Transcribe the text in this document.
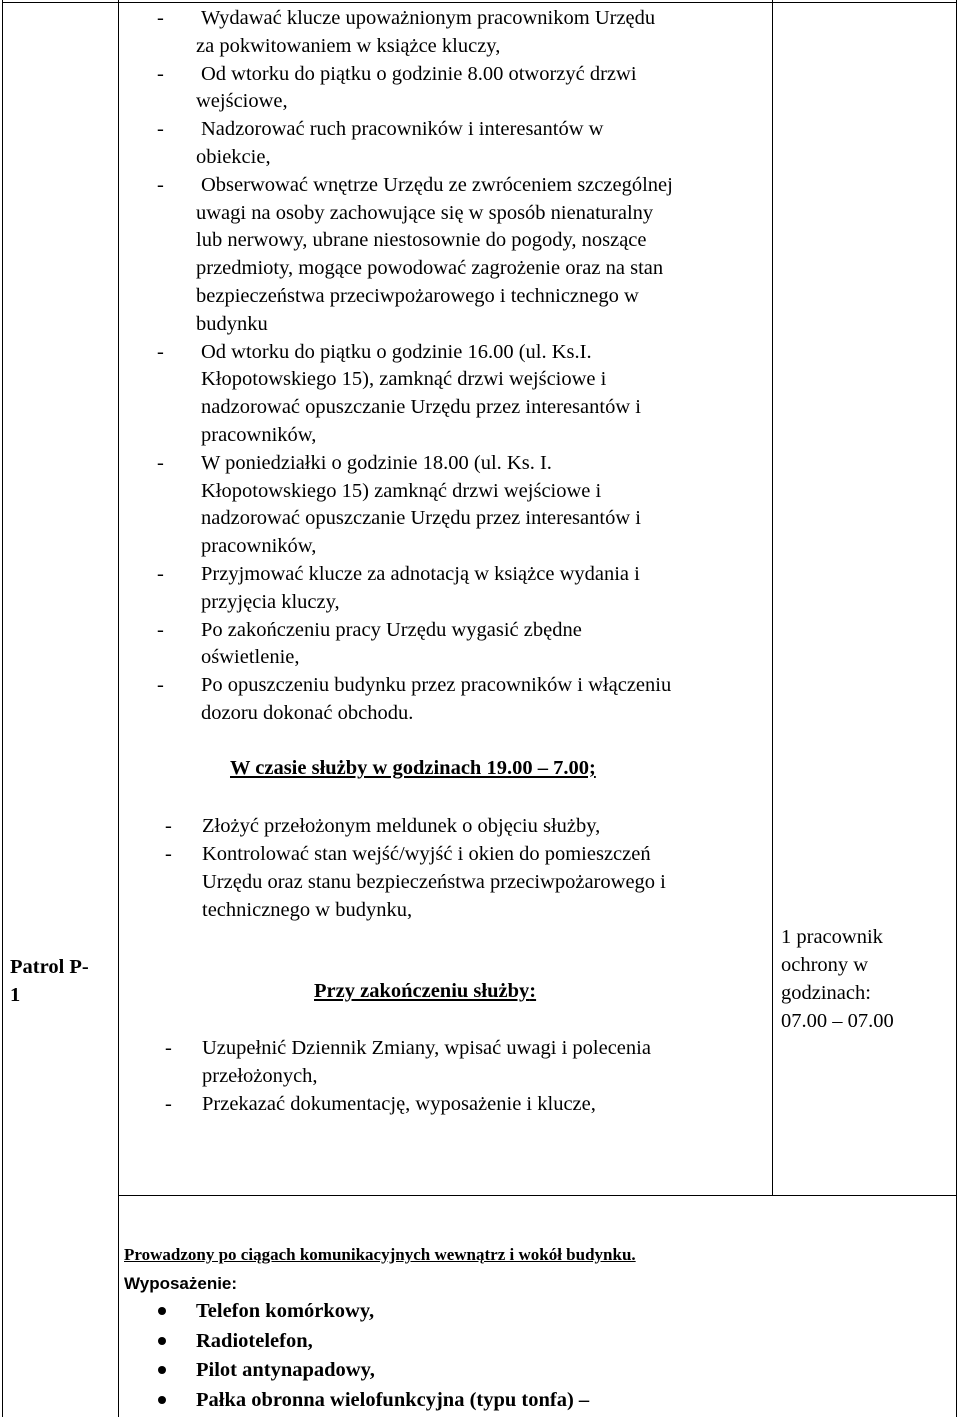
- Wydawać klucze upoważnionym pracownikom Urzędu
za pokwitowaniem w książce kluczy,
- Od wtorku do piątku o godzinie 8.00 otworzyć drzwi
wejściowe,
- Nadzorować ruch pracowników i interesantów w
obiekcie,
- Obserwować wnętrze Urzędu ze zwróceniem szczególnej
uwagi na osoby zachowujące się w sposób nienaturalny
lub nerwowy, ubrane niestosownie do pogody, noszące
przedmioty, mogące powodować zagrożenie oraz na stan
bezpieczeństwa przeciwpożarowego i technicznego w
budynku
- Od wtorku do piątku o godzinie 16.00 (ul. Ks.I.
Kłopotowskiego 15), zamknąć drzwi wejściowe i
nadzorować opuszczanie Urzędu przez interesantów i
pracowników,
- W poniedziałki o godzinie 18.00 (ul. Ks. I.
Kłopotowskiego 15) zamknąć drzwi wejściowe i
nadzorować opuszczanie Urzędu przez interesantów i
pracowników,
- Przyjmować klucze za adnotacją w książce wydania i
przyjęcia kluczy,
- Po zakończeniu pracy Urzędu wygasić zbędne
oświetlenie,
- Po opuszczeniu budynku przez pracowników i włączeniu
dozoru dokonać obchodu.
W czasie służby w godzinach 19.00 – 7.00;
Patrol P-
1
- Złożyć przełożonym meldunek o objęciu służby,
- Kontrolować stan wejść/wyjść i okien do pomieszczeń
Urzędu oraz stanu bezpieczeństwa przeciwpożarowego i
technicznego w budynku,
Przy zakończeniu służby:
- Uzupełnić Dziennik Zmiany, wpisać uwagi i polecenia
przełożonych,
- Przekazać dokumentację, wyposażenie i klucze,
1 pracownik
ochrony w
godzinach:
07.00 – 07.00
Prowadzony po ciągach komunikacyjnych wewnątrz i wokół budynku.
Wyposażenie:
Telefon komórkowy,
Radiotelefon,
Pilot antynapadowy,
Pałka obronna wielofunkcyjna (typu tonfa) –
